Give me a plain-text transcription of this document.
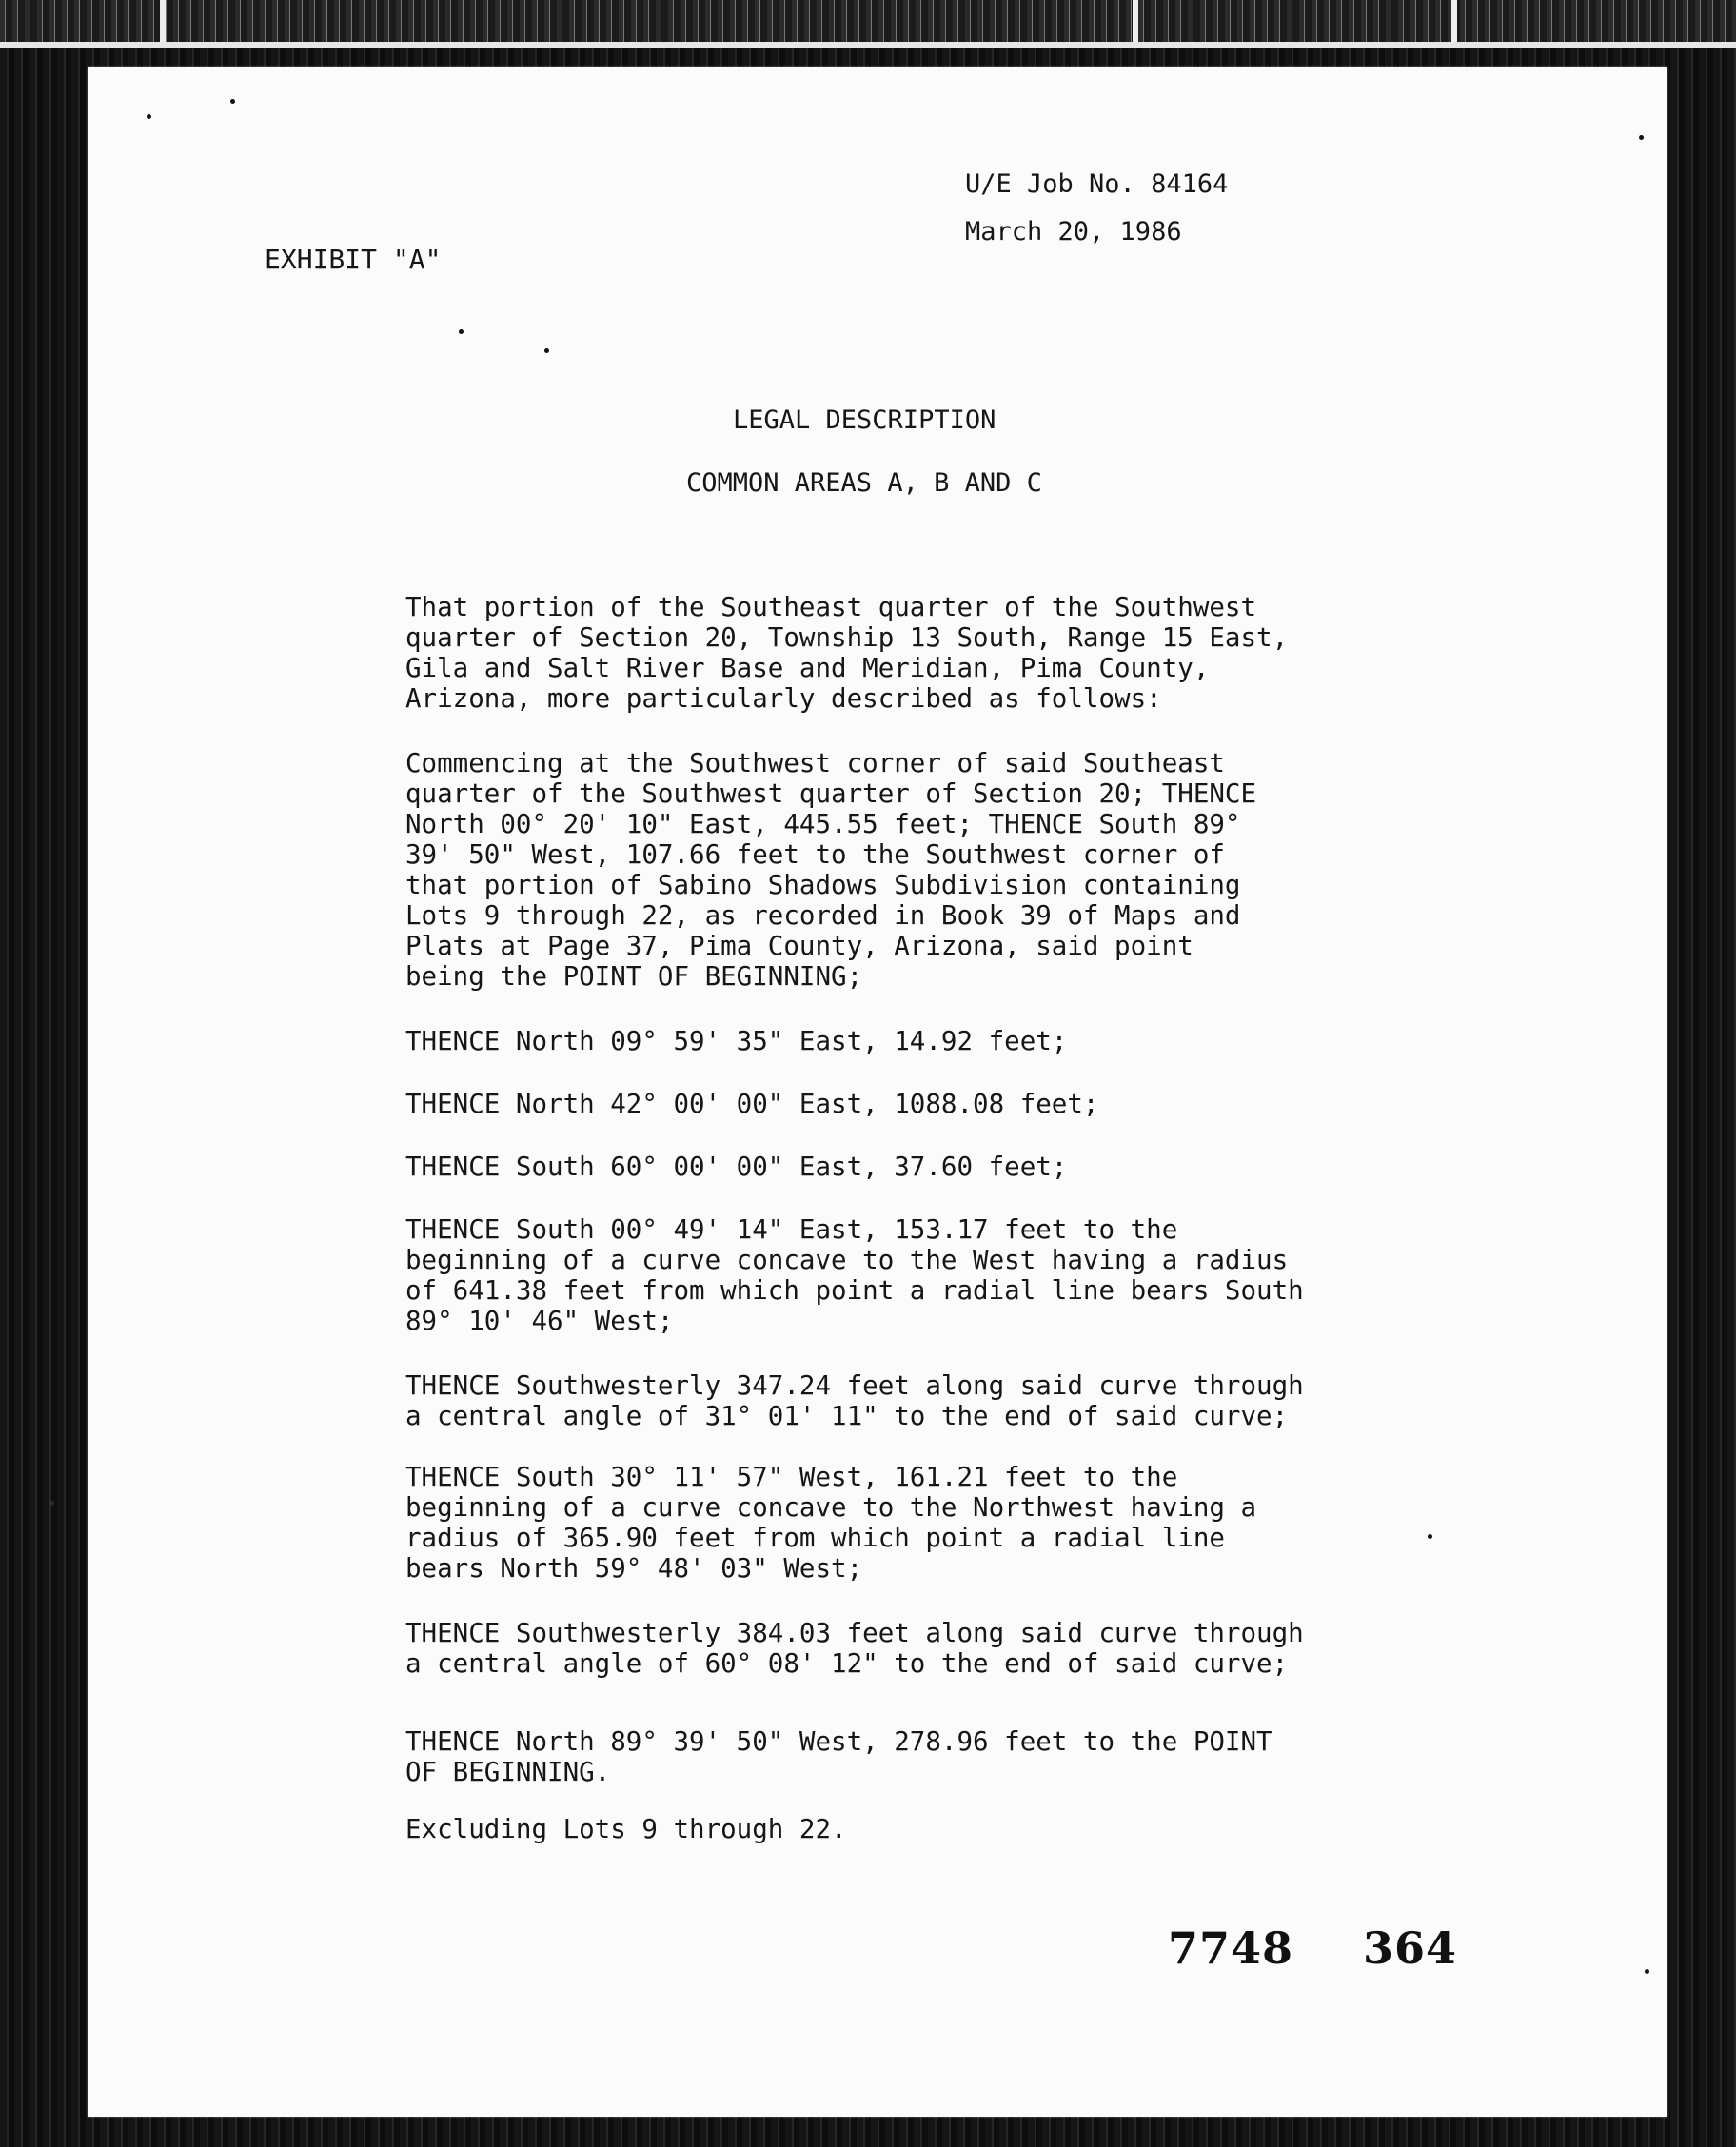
U/E Job No. 84164
March 20, 1986
EXHIBIT "A"
LEGAL DESCRIPTION
COMMON AREAS A, B AND C
That portion of the Southeast quarter of the Southwest
quarter of Section 20, Township 13 South, Range 15 East,
Gila and Salt River Base and Meridian, Pima County,
Arizona, more particularly described as follows:
Commencing at the Southwest corner of said Southeast
quarter of the Southwest quarter of Section 20; THENCE
North 00° 20' 10" East, 445.55 feet; THENCE South 89°
39' 50" West, 107.66 feet to the Southwest corner of
that portion of Sabino Shadows Subdivision containing
Lots 9 through 22, as recorded in Book 39 of Maps and
Plats at Page 37, Pima County, Arizona, said point
being the POINT OF BEGINNING;
THENCE North 09° 59' 35" East, 14.92 feet;
THENCE North 42° 00' 00" East, 1088.08 feet;
THENCE South 60° 00' 00" East, 37.60 feet;
THENCE South 00° 49' 14" East, 153.17 feet to the
beginning of a curve concave to the West having a radius
of 641.38 feet from which point a radial line bears South
89° 10' 46" West;
THENCE Southwesterly 347.24 feet along said curve through
a central angle of 31° 01' 11" to the end of said curve;
THENCE South 30° 11' 57" West, 161.21 feet to the
beginning of a curve concave to the Northwest having a
radius of 365.90 feet from which point a radial line
bears North 59° 48' 03" West;
THENCE Southwesterly 384.03 feet along said curve through
a central angle of 60° 08' 12" to the end of said curve;
THENCE North 89° 39' 50" West, 278.96 feet to the POINT
OF BEGINNING.
Excluding Lots 9 through 22.
7748 364
